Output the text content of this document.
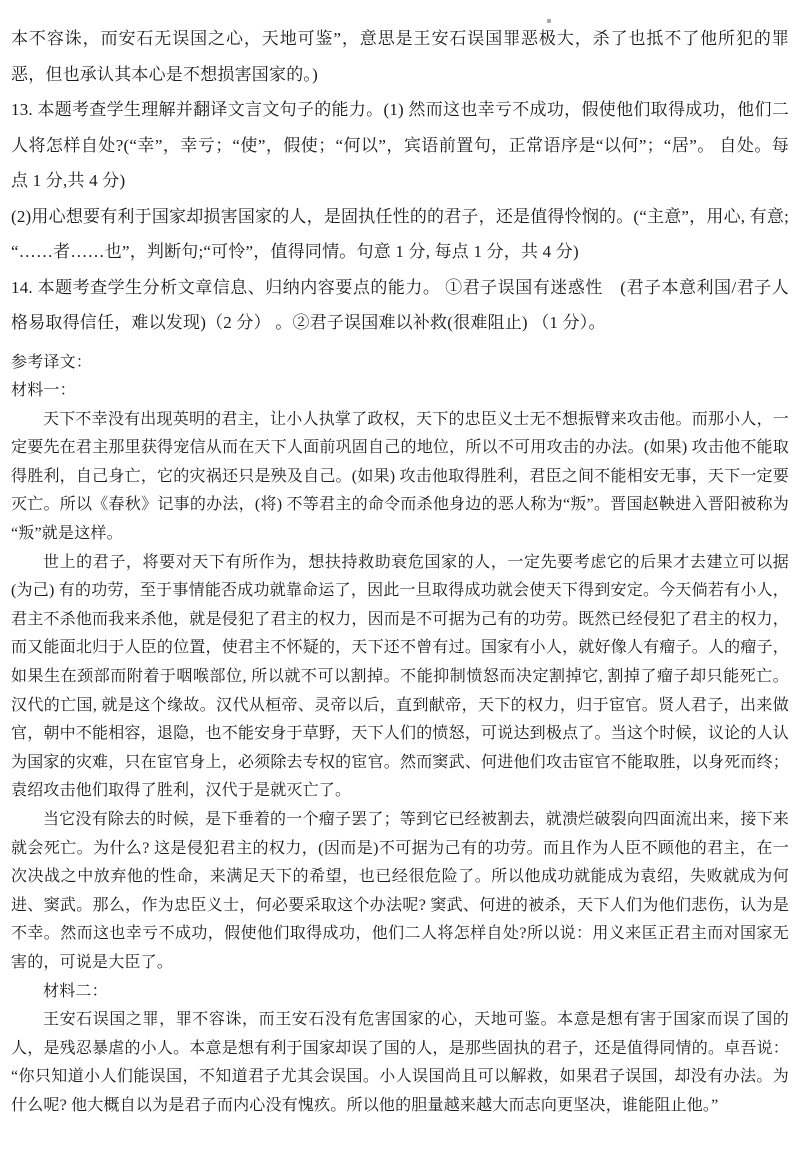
本不容诛，而安石无误国之心，天地可鉴”，意思是王安石误国罪恶极大，杀了也抵不了他所犯的罪恶，但也承认其本心是不想损害国家的。)

13. 本题考查学生理解并翻译文言文句子的能力。(1) 然而这也幸亏不成功，假使他们取得成功，他们二人将怎样自处?(“幸”，幸亏；“使”，假使；“何以”，宾语前置句，正常语序是“以何”；“居”。 自处。每点 1 分,共 4 分)

(2)用心想要有利于国家却损害国家的人，是固执任性的的君子，还是值得怜悯的。(“主意”，用心, 有意;“……者……也”，判断句;“可怜”，值得同情。句意 1 分, 每点 1 分，共 4 分)

14. 本题考查学生分析文章信息、归纳内容要点的能力。 ①君子误国有迷惑性　(君子本意利国/君子人格易取得信任，难以发现)（2 分） 。②君子误国难以补救(很难阻止) （1 分）。

参考译文：

材料一：

天下不幸没有出现英明的君主，让小人执掌了政权，天下的忠臣义士无不想振臂来攻击他。而那小人，一定要先在君主那里获得宠信从而在天下人面前巩固自己的地位，所以不可用攻击的办法。(如果) 攻击他不能取得胜利，自己身亡，它的灾祸还只是殃及自己。(如果) 攻击他取得胜利，君臣之间不能相安无事，天下一定要灭亡。所以《春秋》记事的办法，(将) 不等君主的命令而杀他身边的恶人称为“叛”。晋国赵鞅进入晋阳被称为“叛”就是这样。

世上的君子，将要对天下有所作为，想扶持救助衰危国家的人，一定先要考虑它的后果才去建立可以据(为己) 有的功劳，至于事情能否成功就靠命运了，因此一旦取得成功就会使天下得到安定。今天倘若有小人，君主不杀他而我来杀他，就是侵犯了君主的权力，因而是不可据为己有的功劳。既然已经侵犯了君主的权力，而又能面北归于人臣的位置，使君主不怀疑的，天下还不曾有过。国家有小人，就好像人有瘤子。人的瘤子，如果生在颈部而附着于咽喉部位, 所以就不可以割掉。不能抑制愤怒而决定割掉它, 割掉了瘤子却只能死亡。汉代的亡国, 就是这个缘故。汉代从桓帝、灵帝以后，直到献帝，天下的权力，归于宦官。贤人君子，出来做官，朝中不能相容，退隐，也不能安身于草野，天下人们的愤怒，可说达到极点了。当这个时候，议论的人认为国家的灾难，只在宦官身上，必须除去专权的宦官。然而窦武、何进他们攻击宦官不能取胜，以身死而终； 袁绍攻击他们取得了胜利，汉代于是就灭亡了。

当它没有除去的时候，是下垂着的一个瘤子罢了；等到它已经被割去，就溃烂破裂向四面流出来，接下来就会死亡。为什么? 这是侵犯君主的权力，(因而是)不可据为己有的功劳。而且作为人臣不顾他的君主，在一次决战之中放弃他的性命，来满足天下的希望，也已经很危险了。所以他成功就能成为袁绍，失败就成为何进、窦武。那么，作为忠臣义士，何必要采取这个办法呢? 窦武、何进的被杀，天下人们为他们悲伤，认为是不幸。然而这也幸亏不成功，假使他们取得成功，他们二人将怎样自处?所以说：用义来匡正君主而对国家无害的，可说是大臣了。

材料二：

王安石误国之罪，罪不容诛，而王安石没有危害国家的心，天地可鉴。本意是想有害于国家而误了国的人，是残忍暴虐的小人。本意是想有利于国家却误了国的人，是那些固执的君子，还是值得同情的。卓吾说：“你只知道小人们能误国，不知道君子尤其会误国。小人误国尚且可以解救，如果君子误国，却没有办法。为什么呢? 他大概自以为是君子而内心没有愧疚。所以他的胆量越来越大而志向更坚决，谁能阻止他。”
